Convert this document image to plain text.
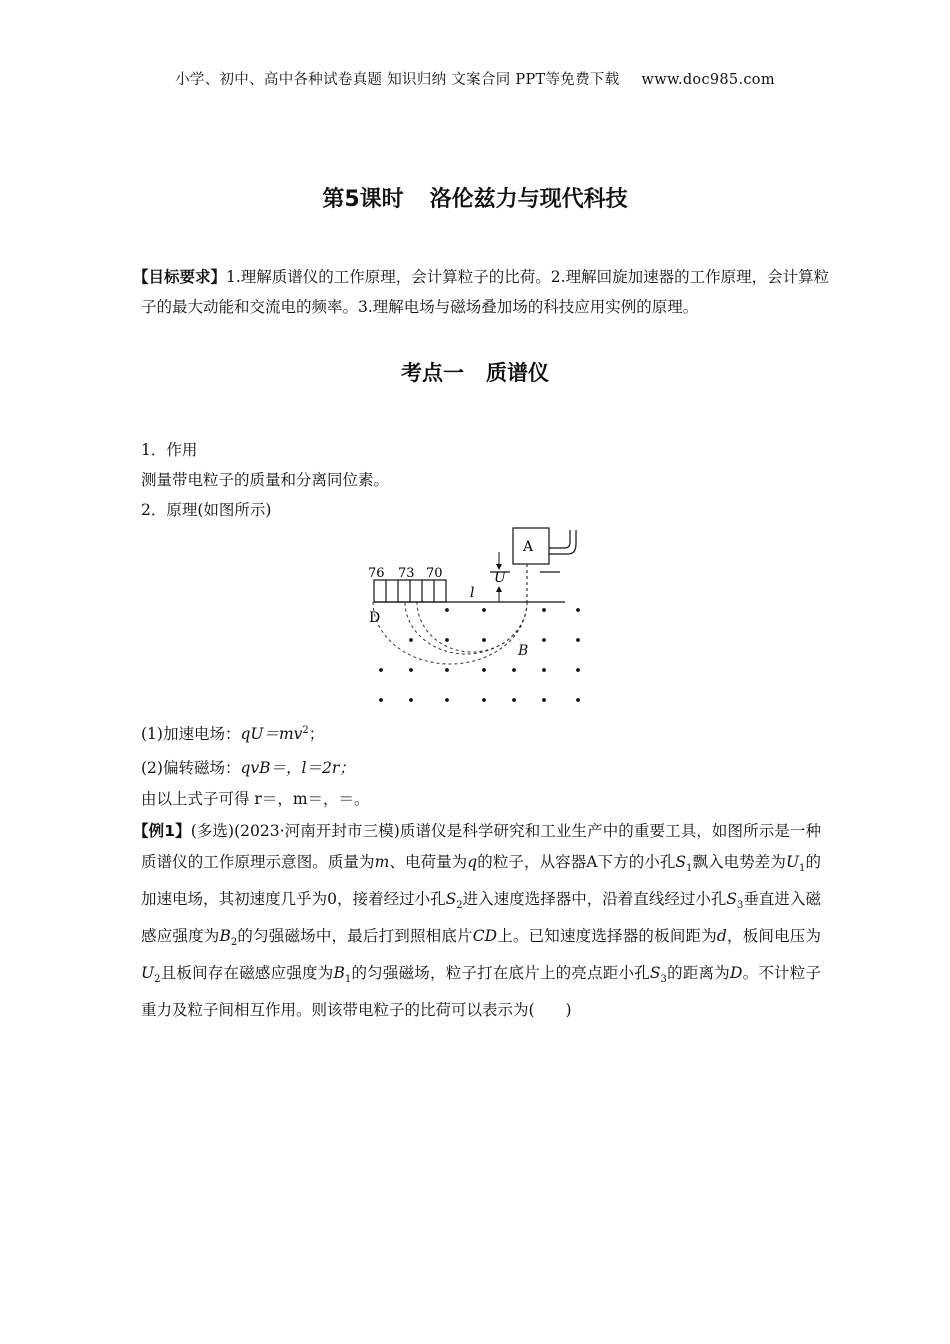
小学、初中、高中各种试卷真题 知识归纳 文案合同 PPT等免费下载 www.doc985.com
第5课时 洛伦兹力与现代科技
【目标要求】1.理解质谱仪的工作原理，会计算粒子的比荷。2.理解回旋加速器的工作原理，会计算粒子的最大动能和交流电的频率。3.理解电场与磁场叠加场的科技应用实例的原理。
考点一 质谱仪
1．作用
测量带电粒子的质量和分离同位素。
2．原理(如图所示)
A
U
76 73 70
l
D
B
(1)加速电场：$qU=mv^2$；
(2)偏转磁场：qvB＝，l＝2r；
由以上式子可得 r＝，m＝，＝。
【例1】(多选)(2023·河南开封市三模)质谱仪是科学研究和工业生产中的重要工具，如图所示是一种质谱仪的工作原理示意图。质量为m、电荷量为q的粒子，从容器A下方的小孔$S_1$飘入电势差为$U_1$的加速电场，其初速度几乎为0，接着经过小孔$S_2$进入速度选择器中，沿着直线经过小孔$S_3$垂直进入磁感应强度为$B_2$的匀强磁场中，最后打到照相底片CD上。已知速度选择器的板间距为d，板间电压为$U_2$且板间存在磁感应强度为$B_1$的匀强磁场，粒子打在底片上的亮点距小孔$S_3$的距离为D。不计粒子重力及粒子间相互作用。则该带电粒子的比荷可以表示为(　　)
